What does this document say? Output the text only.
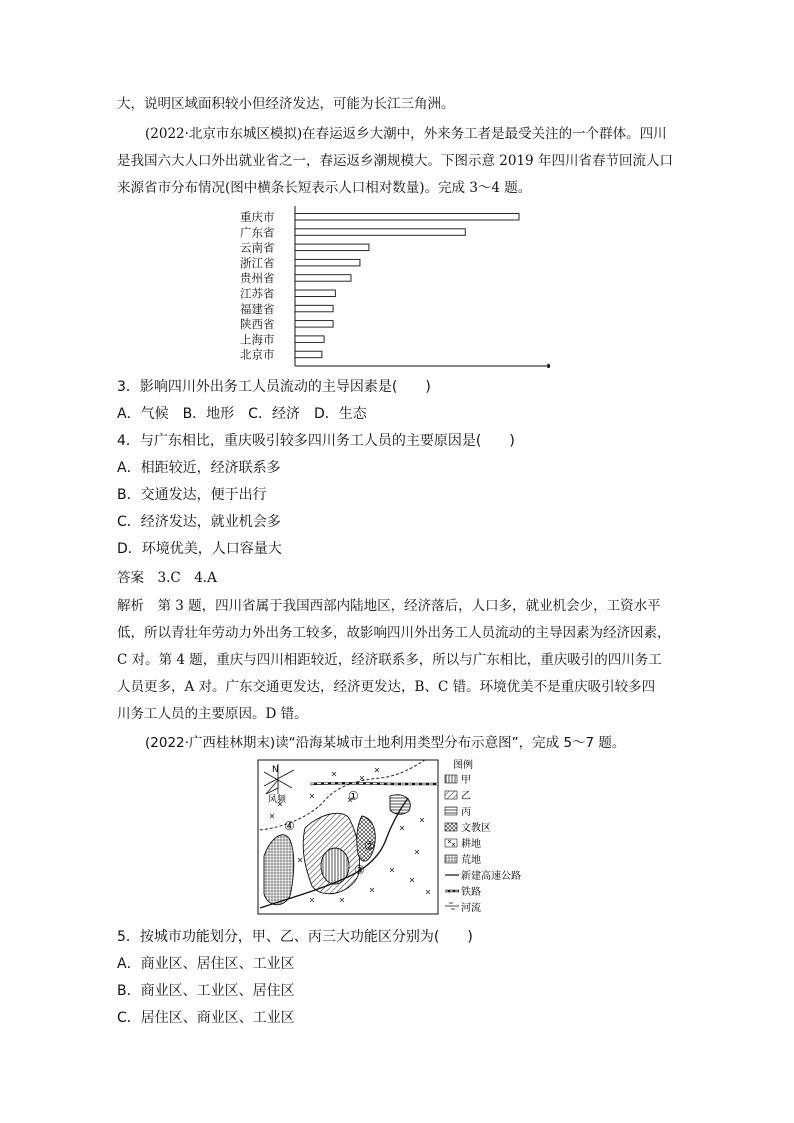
大，说明区域面积较小但经济发达，可能为长江三角洲。
(2022·北京市东城区模拟)在春运返乡大潮中，外来务工者是最受关注的一个群体。四川
是我国六大人口外出就业省之一，春运返乡潮规模大。下图示意 2019 年四川省春节回流人口
来源省市分布情况(图中横条长短表示人口相对数量)。完成 3～4 题。
重庆市
广东省
云南省
浙江省
贵州省
江苏省
福建省
陕西省
上海市
北京市
3．影响四川外出务工人员流动的主导因素是(　　)
A．气候　B．地形　C．经济　D．生态
4．与广东相比，重庆吸引较多四川务工人员的主要原因是(　　)
A．相距较近，经济联系多
B．交通发达，便于出行
C．经济发达，就业机会多
D．环境优美，人口容量大
答案　3.C　4.A
解析　第 3 题，四川省属于我国西部内陆地区，经济落后，人口多，就业机会少，工资水平
低，所以青壮年劳动力外出务工较多，故影响四川外出务工人员流动的主导因素为经济因素，
C 对。第 4 题，重庆与四川相距较近，经济联系多，所以与广东相比，重庆吸引的四川务工
人员更多，A 对。广东交通更发达，经济更发达，B、C 错。环境优美不是重庆吸引较多四
川务工人员的主要原因。D 错。
(2022·广西桂林期末)读“沿海某城市土地利用类型分布示意图”，完成 5～7 题。
N
风频	①
②
③
④
图例
甲
乙
丙
文教区
耕地
荒地
新建高速公路
铁路
河流
5．按城市功能划分，甲、乙、丙三大功能区分别为(　　)
A．商业区、居住区、工业区
B．商业区、工业区、居住区
C．居住区、商业区、工业区
